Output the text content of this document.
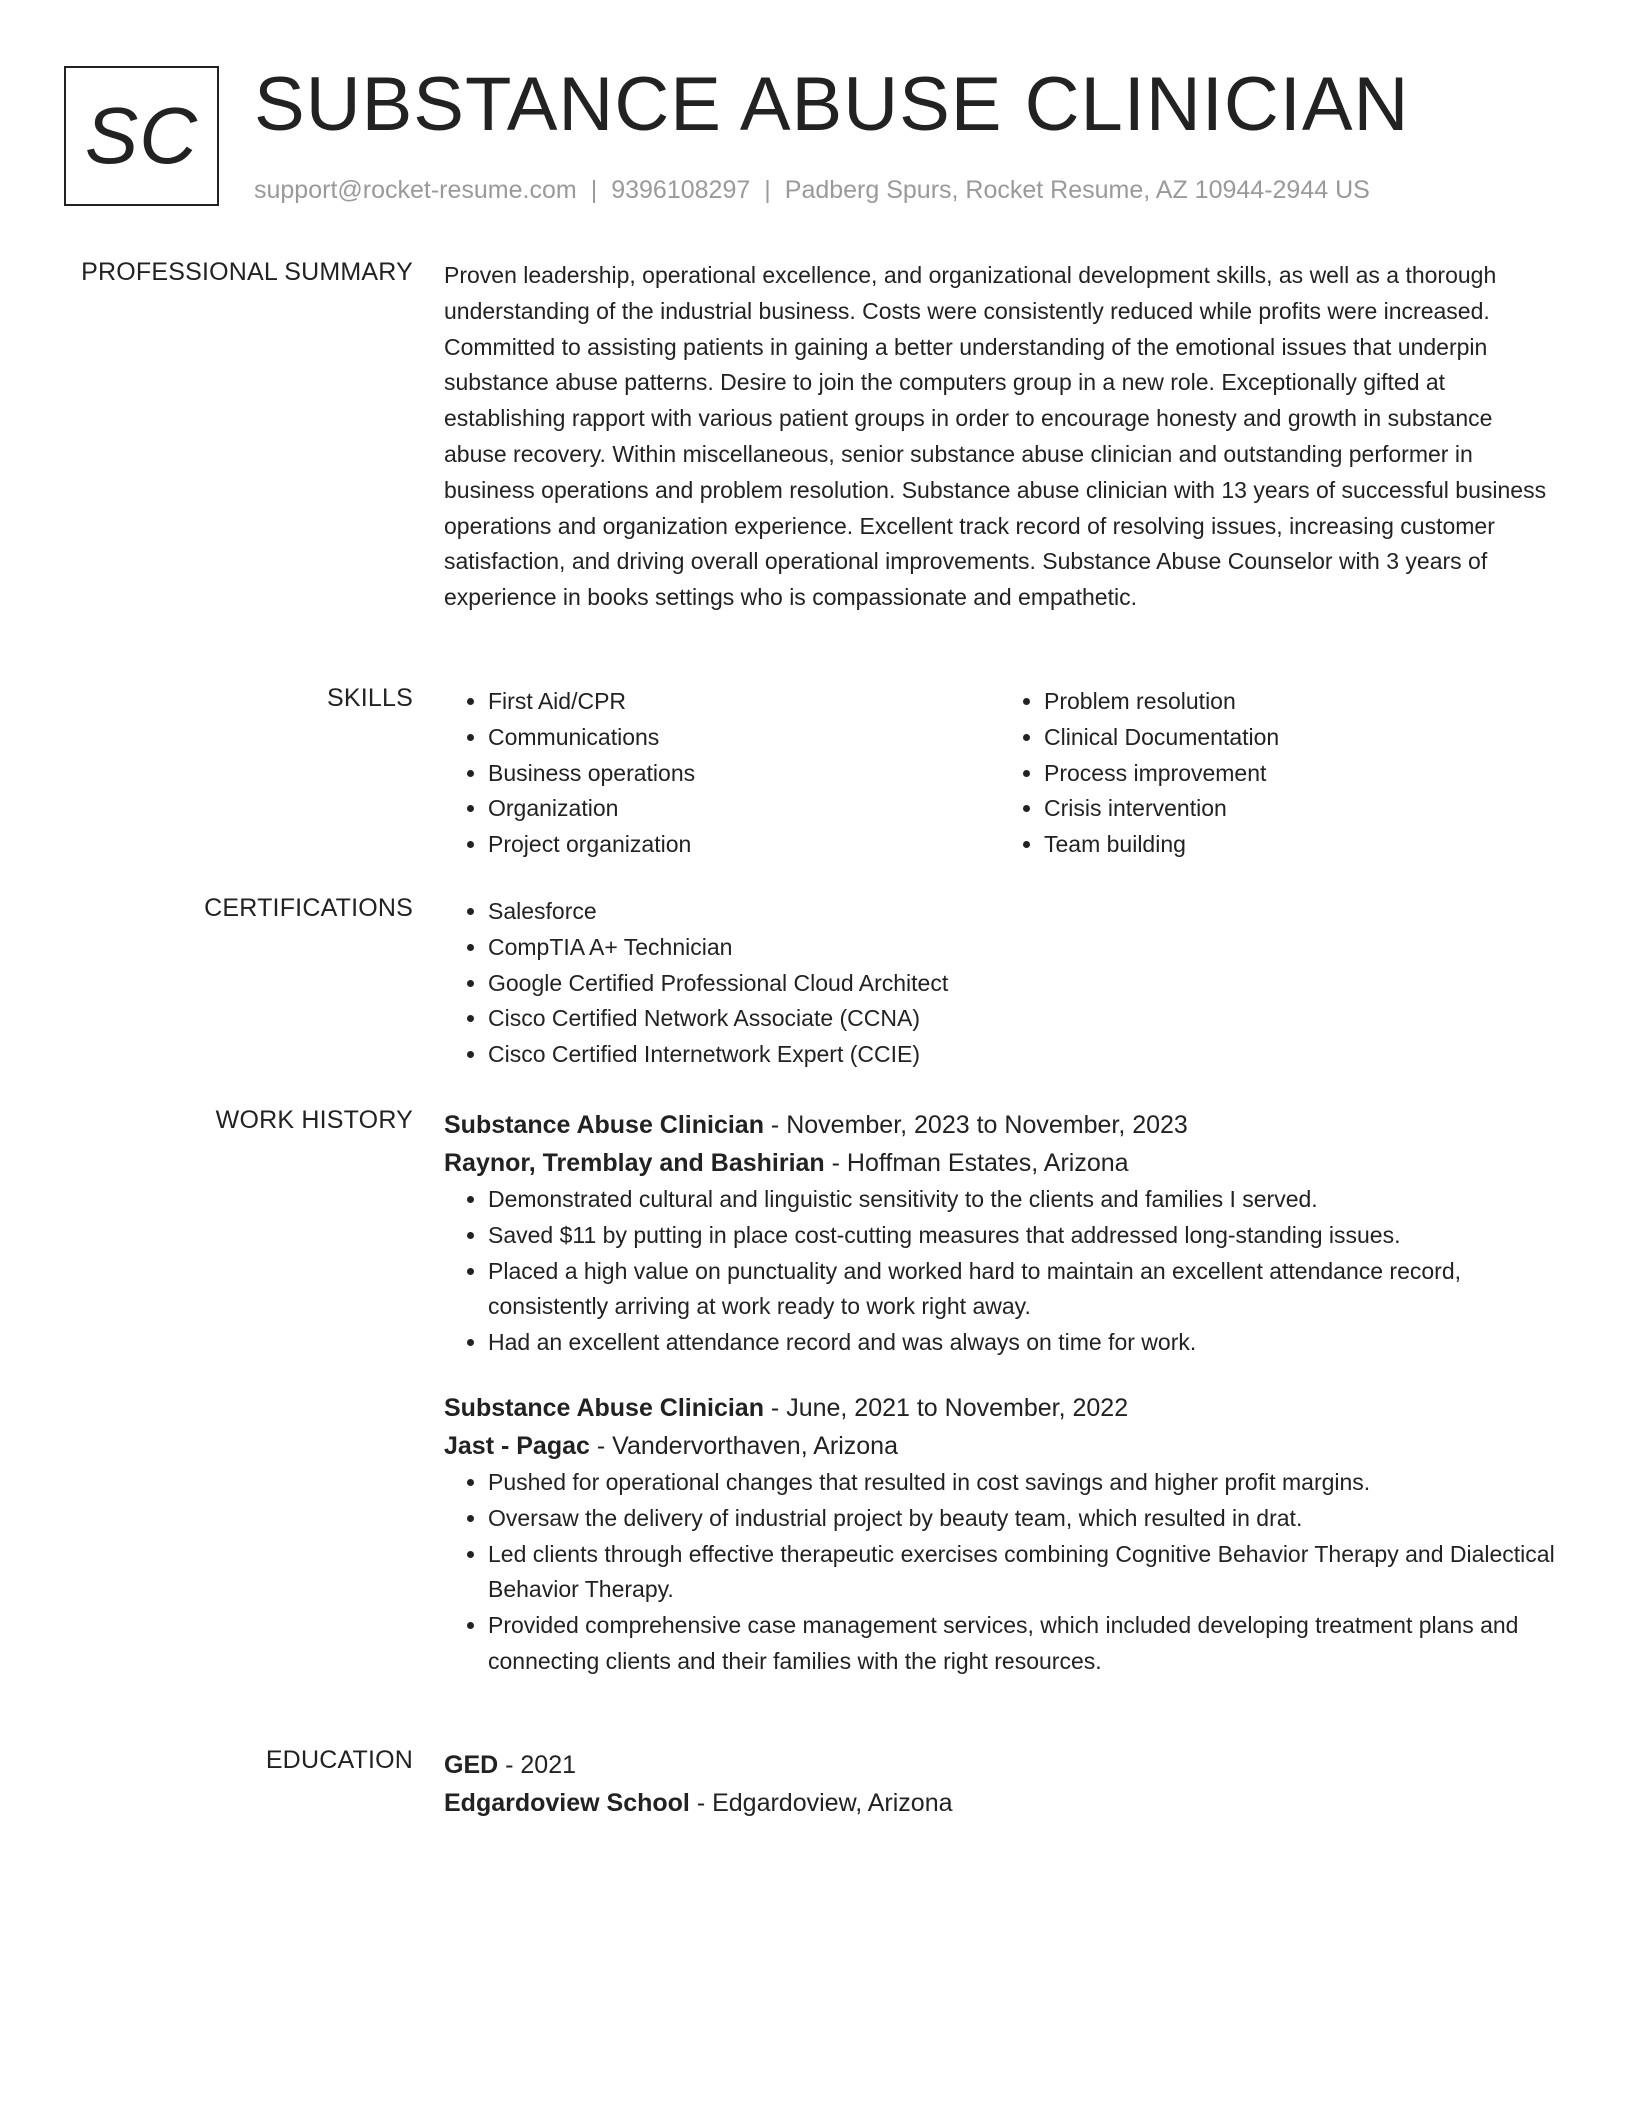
SC SUBSTANCE ABUSE CLINICIAN
support@rocket-resume.com | 9396108297 | Padberg Spurs, Rocket Resume, AZ 10944-2944 US
PROFESSIONAL SUMMARY Proven leadership, operational excellence, and organizational development skills, as well as a thorough understanding of the industrial business. Costs were consistently reduced while profits were increased. Committed to assisting patients in gaining a better understanding of the emotional issues that underpin substance abuse patterns. Desire to join the computers group in a new role. Exceptionally gifted at establishing rapport with various patient groups in order to encourage honesty and growth in substance abuse recovery. Within miscellaneous, senior substance abuse clinician and outstanding performer in business operations and problem resolution. Substance abuse clinician with 13 years of successful business operations and organization experience. Excellent track record of resolving issues, increasing customer satisfaction, and driving overall operational improvements. Substance Abuse Counselor with 3 years of experience in books settings who is compassionate and empathetic.

SKILLS	• First Aid/CPR
• Communications
• Business operations
• Organization
• Project organization
• Problem resolution
• Clinical Documentation
• Process improvement
• Crisis intervention
• Team building
CERTIFICATIONS	• Salesforce
• CompTIA A+ Technician
• Google Certified Professional Cloud Architect
• Cisco Certified Network Associate (CCNA)
• Cisco Certified Internetwork Expert (CCIE)
WORK HISTORY Substance Abuse Clinician - November, 2023 to November, 2023
Raynor, Tremblay and Bashirian - Hoffman Estates, Arizona
• Demonstrated cultural and linguistic sensitivity to the clients and families I served.
• Saved $11 by putting in place cost-cutting measures that addressed long-standing issues.
• Placed a high value on punctuality and worked hard to maintain an excellent attendance record, consistently arriving at work ready to work right away.
• Had an excellent attendance record and was always on time for work.
Substance Abuse Clinician - June, 2021 to November, 2022
Jast - Pagac - Vandervorthaven, Arizona
• Pushed for operational changes that resulted in cost savings and higher profit margins.
• Oversaw the delivery of industrial project by beauty team, which resulted in drat.
• Led clients through effective therapeutic exercises combining Cognitive Behavior Therapy and Dialectical Behavior Therapy.
• Provided comprehensive case management services, which included developing treatment plans and connecting clients and their families with the right resources.
EDUCATION GED - 2021
Edgardoview School - Edgardoview, Arizona
